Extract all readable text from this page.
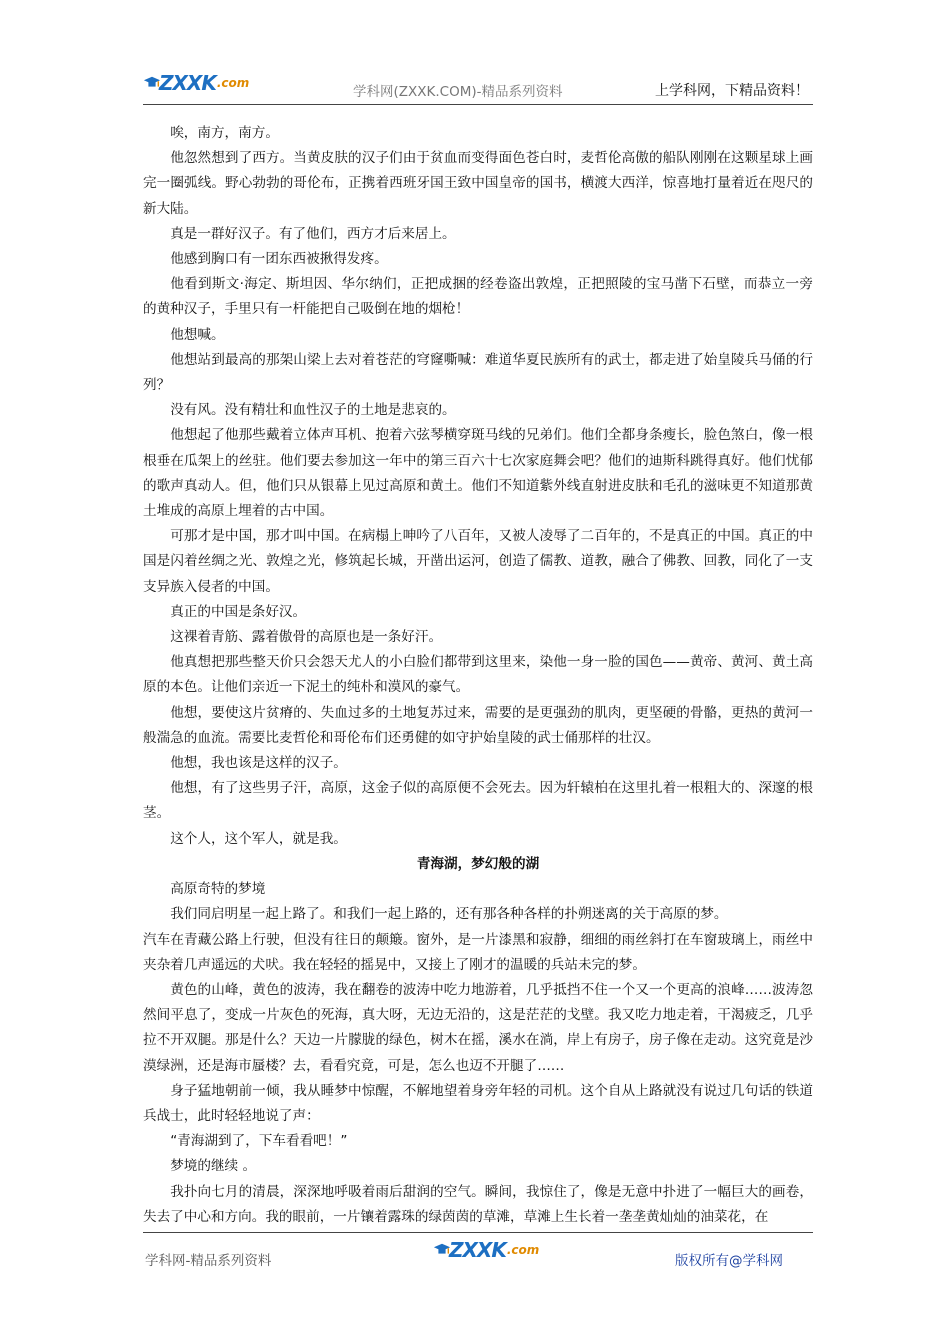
ZXXK .com
学科网(ZXXK.COM)-精品系列资料	上学科网，下精品资料！

唉，南方，南方。

他忽然想到了西方。当黄皮肤的汉子们由于贫血而变得面色苍白时，麦哲伦高傲的船队刚刚在这颗星球上画完一圈弧线。野心勃勃的哥伦布，正携着西班牙国王致中国皇帝的国书，横渡大西洋，惊喜地打量着近在咫尺的新大陆。

真是一群好汉子。有了他们，西方才后来居上。

他感到胸口有一团东西被揪得发疼。

他看到斯文·海定、斯坦因、华尔纳们，正把成捆的经卷盗出敦煌，正把照陵的宝马凿下石壁，而恭立一旁的黄种汉子，手里只有一杆能把自己吸倒在地的烟枪！

他想喊。

他想站到最高的那架山梁上去对着苍茫的穹窿嘶喊：难道华夏民族所有的武士，都走进了始皇陵兵马俑的行列？

没有风。没有精壮和血性汉子的土地是悲哀的。

他想起了他那些戴着立体声耳机、抱着六弦琴横穿斑马线的兄弟们。他们全都身条瘦长，脸色煞白，像一根根垂在瓜架上的丝驻。他们要去参加这一年中的第三百六十七次家庭舞会吧？他们的迪斯科跳得真好。他们忧郁的歌声真动人。但，他们只从银幕上见过高原和黄土。他们不知道紫外线直射进皮肤和毛孔的滋味更不知道那黄土堆成的高原上埋着的古中国。

可那才是中国，那才叫中国。在病榻上呻吟了八百年，又被人凌辱了二百年的，不是真正的中国。真正的中国是闪着丝绸之光、敦煌之光，修筑起长城，开凿出运河，创造了儒教、道教，融合了佛教、回教，同化了一支支异族入侵者的中国。

真正的中国是条好汉。

这裸着青筋、露着傲骨的高原也是一条好汗。

他真想把那些整天价只会怨天尤人的小白脸们都带到这里来，染他一身一脸的国色——黄帝、黄河、黄土高原的本色。让他们亲近一下泥土的纯朴和漠风的豪气。

他想，要使这片贫瘠的、失血过多的土地复苏过来，需要的是更强劲的肌肉，更坚硬的骨骼，更热的黄河一般湍急的血流。需要比麦哲伦和哥伦布们还勇健的如守护始皇陵的武士俑那样的壮汉。

他想，我也该是这样的汉子。

他想，有了这些男子汗，高原，这金子似的高原便不会死去。因为轩辕柏在这里扎着一根粗大的、深邃的根茎。

这个人，这个军人，就是我。

青海湖，梦幻般的湖

高原奇特的梦境

我们同启明星一起上路了。和我们一起上路的，还有那各种各样的扑朔迷离的关于高原的梦。

汽车在青藏公路上行驶，但没有往日的颠簸。窗外，是一片漆黑和寂静，细细的雨丝斜打在车窗玻璃上，雨丝中夹杂着几声遥远的犬吠。我在轻轻的摇晃中，又接上了刚才的温暖的兵站未完的梦。

黄色的山峰，黄色的波涛，我在翻卷的波涛中吃力地游着，几乎抵挡不住一个又一个更高的浪峰……波涛忽然间平息了，变成一片灰色的死海，真大呀，无边无沿的，这是茫茫的戈壁。我又吃力地走着，干渴疲乏，几乎拉不开双腿。那是什么？天边一片朦胧的绿色，树木在摇，溪水在淌，岸上有房子，房子像在走动。这究竟是沙漠绿洲，还是海市蜃楼？去，看看究竟，可是，怎么也迈不开腿了……

身子猛地朝前一倾，我从睡梦中惊醒，不解地望着身旁年轻的司机。这个自从上路就没有说过几句话的铁道兵战士，此时轻轻地说了声：

“青海湖到了，下车看看吧！”

梦境的继续 。

我扑向七月的清晨，深深地呼吸着雨后甜润的空气。瞬间，我惊住了，像是无意中扑进了一幅巨大的画卷，失去了中心和方向。我的眼前，一片镶着露珠的绿茵茵的草滩，草滩上生长着一垄垄黄灿灿的油菜花，在

学科网-精品系列资料	ZXXK .com
版权所有@学科网
